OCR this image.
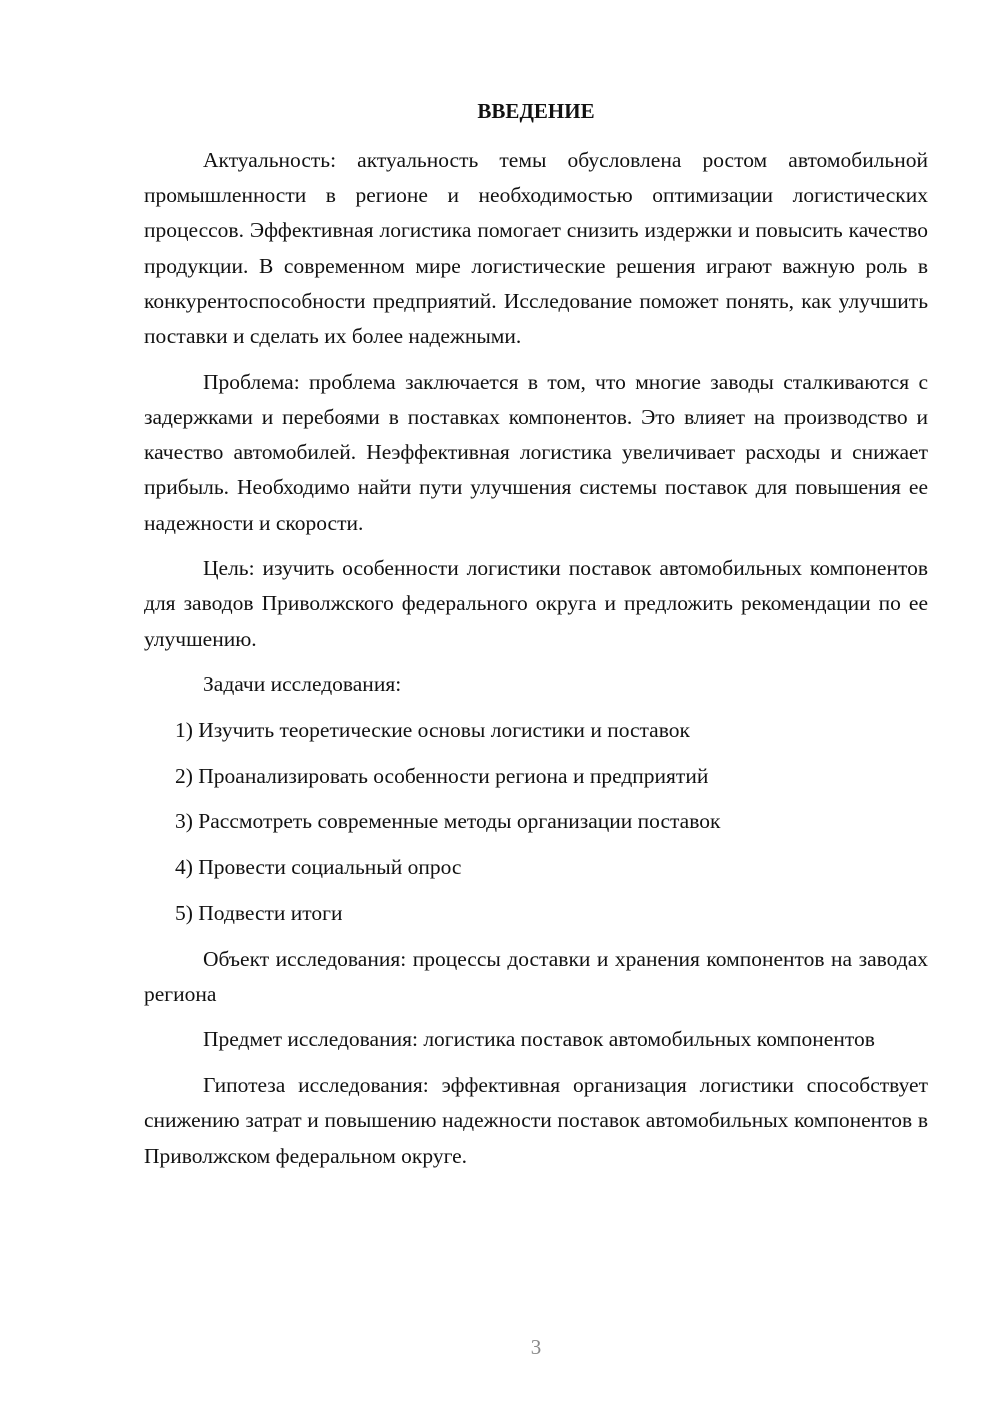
ВВЕДЕНИЕ

Актуальность: актуальность темы обусловлена ростом автомобильной промышленности в регионе и необходимостью оптимизации логистических процессов. Эффективная логистика помогает снизить издержки и повысить качество продукции. В современном мире логистические решения играют важную роль в конкурентоспособности предприятий. Исследование поможет понять, как улучшить поставки и сделать их более надежными.

Проблема: проблема заключается в том, что многие заводы сталкиваются с задержками и перебоями в поставках компонентов. Это влияет на производство и качество автомобилей. Неэффективная логистика увеличивает расходы и снижает прибыль. Необходимо найти пути улучшения системы поставок для повышения ее надежности и скорости.

Цель: изучить особенности логистики поставок автомобильных компонентов для заводов Приволжского федерального округа и предложить рекомендации по ее улучшению.

Задачи исследования:

1) Изучить теоретические основы логистики и поставок

2) Проанализировать особенности региона и предприятий

3) Рассмотреть современные методы организации поставок

4) Провести социальный опрос

5) Подвести итоги

Объект исследования: процессы доставки и хранения компонентов на заводах региона

Предмет исследования: логистика поставок автомобильных компонентов

Гипотеза исследования: эффективная организация логистики способствует снижению затрат и повышению надежности поставок автомобильных компонентов в Приволжском федеральном округе.

3
